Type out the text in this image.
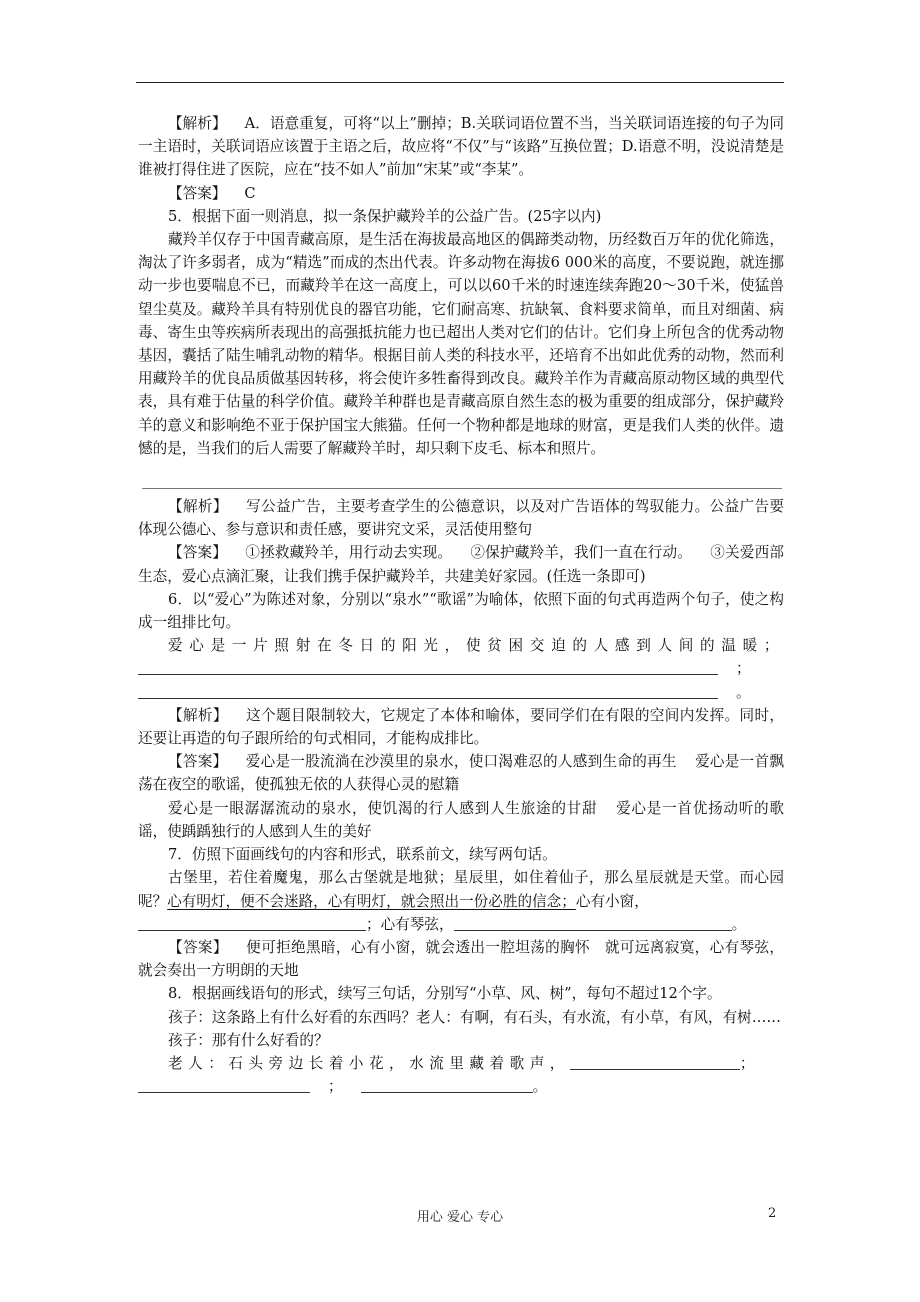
【解析】 A．语意重复，可将“以上”删掉；B.关联词语位置不当，当关联词语连接的句子为同一主语时，关联词语应该置于主语之后，故应将“不仅”与“该路”互换位置；D.语意不明，没说清楚是谁被打得住进了医院，应在“技不如人”前加“宋某”或“李某”。

【答案】 C

5．根据下面一则消息，拟一条保护藏羚羊的公益广告。(25字以内)

藏羚羊仅存于中国青藏高原，是生活在海拔最高地区的偶蹄类动物，历经数百万年的优化筛选，淘汰了许多弱者，成为“精选”而成的杰出代表。许多动物在海拔6 000米的高度，不要说跑，就连挪动一步也要喘息不已，而藏羚羊在这一高度上，可以以60千米的时速连续奔跑20～30千米，使猛兽望尘莫及。藏羚羊具有特别优良的器官功能，它们耐高寒、抗缺氧、食料要求简单，而且对细菌、病毒、寄生虫等疾病所表现出的高强抵抗能力也已超出人类对它们的估计。它们身上所包含的优秀动物基因，囊括了陆生哺乳动物的精华。根据目前人类的科技水平，还培育不出如此优秀的动物，然而利用藏羚羊的优良品质做基因转移，将会使许多牲畜得到改良。藏羚羊作为青藏高原动物区域的典型代表，具有难于估量的科学价值。藏羚羊种群也是青藏高原自然生态的极为重要的组成部分，保护藏羚羊的意义和影响绝不亚于保护国宝大熊猫。任何一个物种都是地球的财富，更是我们人类的伙伴。遗憾的是，当我们的后人需要了解藏羚羊时，却只剩下皮毛、标本和照片。

【解析】 写公益广告，主要考查学生的公德意识，以及对广告语体的驾驭能力。公益广告要体现公德心、参与意识和责任感，要讲究文采，灵活使用整句

【答案】 ①拯救藏羚羊，用行动去实现。 ②保护藏羚羊，我们一直在行动。 ③关爱西部生态，爱心点滴汇聚，让我们携手保护藏羚羊，共建美好家园。(任选一条即可)

6．以“爱心”为陈述对象，分别以“泉水”“歌谣”为喻体，依照下面的句式再造两个句子，使之构成一组排比句。

爱心是一片照射在冬日的阳光，使贫困交迫的人感到人间的温暖；

；

。

【解析】 这个题目限制较大，它规定了本体和喻体，要同学们在有限的空间内发挥。同时，还要让再造的句子跟所给的句式相同，才能构成排比。

【答案】 爱心是一股流淌在沙漠里的泉水，使口渴难忍的人感到生命的再生 爱心是一首飘荡在夜空的歌谣，使孤独无依的人获得心灵的慰籍

爱心是一眼潺潺流动的泉水，使饥渴的行人感到人生旅途的甘甜 爱心是一首优扬动听的歌谣，使踽踽独行的人感到人生的美好

7．仿照下面画线句的内容和形式，联系前文，续写两句话。

古堡里，若住着魔鬼，那么古堡就是地狱；星辰里，如住着仙子，那么星辰就是天堂。而心园呢？心有明灯，便不会迷路，心有明灯，就会照出一份必胜的信念；心有小窗，

；心有琴弦，	。

【答案】 便可拒绝黑暗，心有小窗，就会透出一腔坦荡的胸怀　就可远离寂寞，心有琴弦，就会奏出一方明朗的天地

8．根据画线语句的形式，续写三句话，分别写“小草、风、树”，每句不超过12个字。

孩子：这条路上有什么好看的东西吗？老人：有啊，有石头，有水流，有小草，有风，有树……

孩子：那有什么好看的？

老人：石头旁边长着小花，水流里藏着歌声，	；

；	。

用心 爱心 专心	2
